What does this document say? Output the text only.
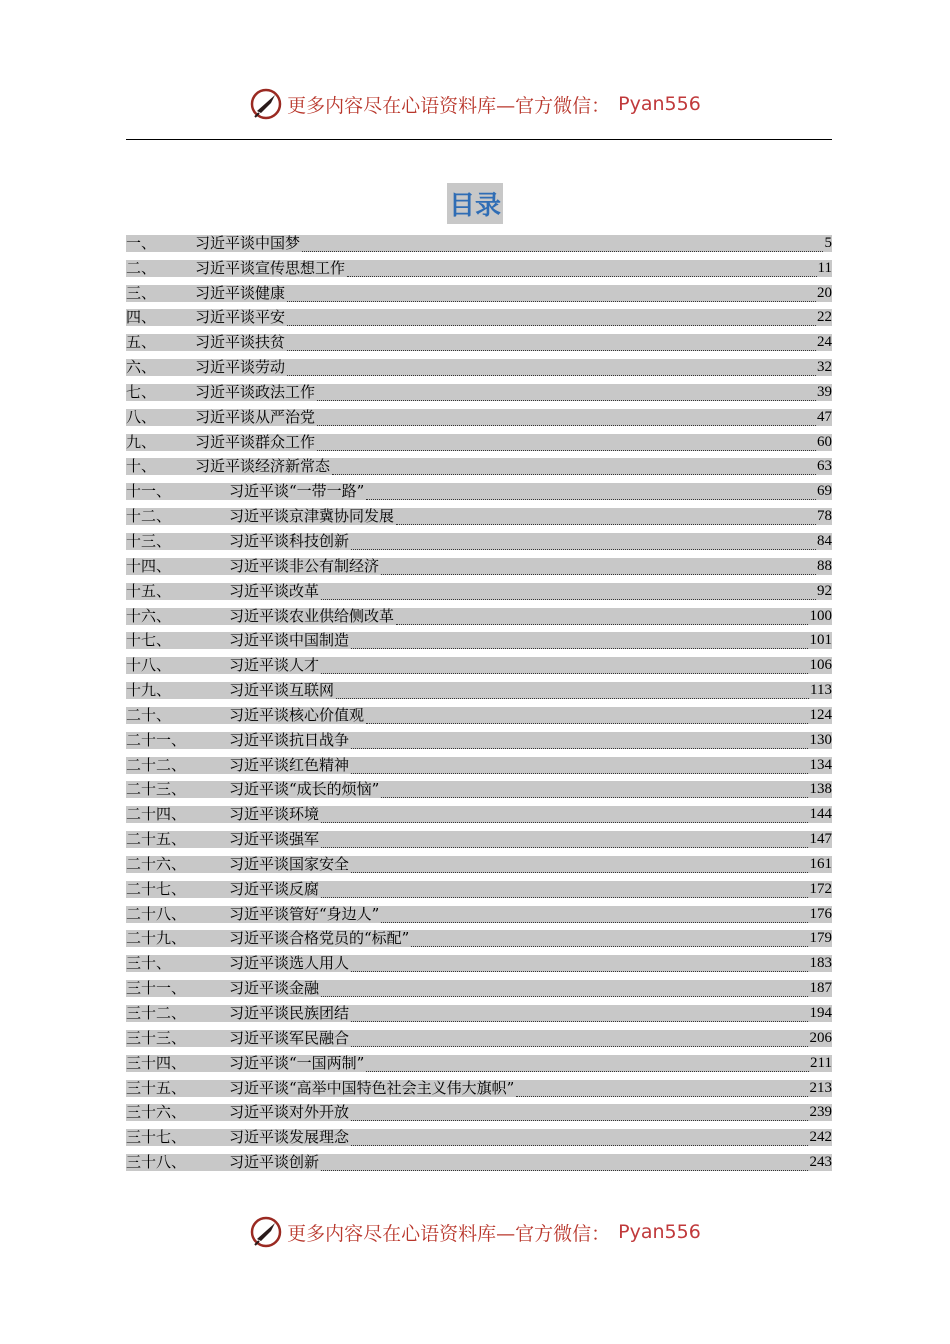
更多内容尽在心语资料库—官方微信： Pyan556
目录
一、	习近平谈中国梦	5
二、	习近平谈宣传思想工作	11
三、	习近平谈健康	20
四、	习近平谈平安	22
五、	习近平谈扶贫	24
六、	习近平谈劳动	32
七、	习近平谈政法工作	39
八、	习近平谈从严治党	47
九、	习近平谈群众工作	60
十、	习近平谈经济新常态	63
十一、	习近平谈“一带一路”	69
十二、	习近平谈京津冀协同发展	78
十三、	习近平谈科技创新	84
十四、	习近平谈非公有制经济	88
十五、	习近平谈改革	92
十六、	习近平谈农业供给侧改革	100
十七、	习近平谈中国制造	101
十八、	习近平谈人才	106
十九、	习近平谈互联网	113
二十、	习近平谈核心价值观	124
二十一、	习近平谈抗日战争	130
二十二、	习近平谈红色精神	134
二十三、	习近平谈“成长的烦恼”	138
二十四、	习近平谈环境	144
二十五、	习近平谈强军	147
二十六、	习近平谈国家安全	161
二十七、	习近平谈反腐	172
二十八、	习近平谈管好“身边人”	176
二十九、	习近平谈合格党员的“标配”	179
三十、	习近平谈选人用人	183
三十一、	习近平谈金融	187
三十二、	习近平谈民族团结	194
三十三、	习近平谈军民融合	206
三十四、	习近平谈“一国两制”	211
三十五、	习近平谈“高举中国特色社会主义伟大旗帜”	213
三十六、	习近平谈对外开放	239
三十七、	习近平谈发展理念	242
三十八、	习近平谈创新	243
更多内容尽在心语资料库—官方微信： Pyan556
